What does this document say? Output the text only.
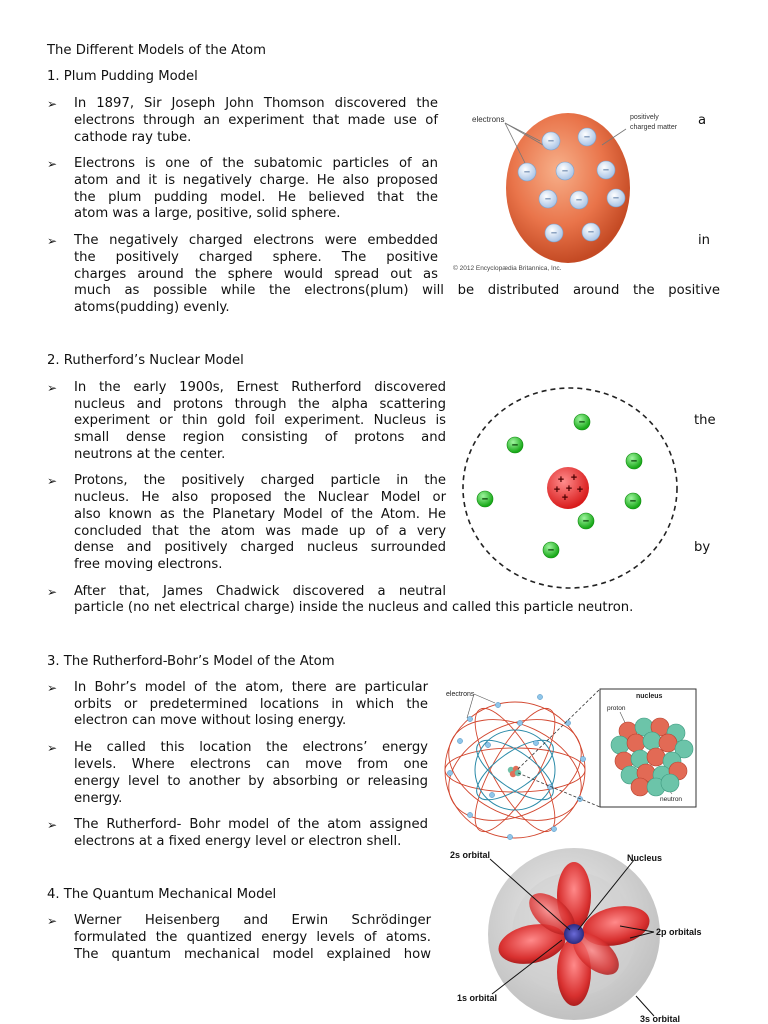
The Different Models of the Atom
1. Plum Pudding Model
➢ In 1897, Sir Joseph John Thomson discovered the
electrons through an experiment that made use of
cathode ray tube.
a
➢ Electrons is one of the subatomic particles of an
atom and it is negatively charge. He also proposed
the plum pudding model. He believed that the
atom was a large, positive, solid sphere.
➢ The negatively charged electrons were embedded
the positively charged sphere. The positive
charges around the sphere would spread out as
much as possible while the electrons(plum) will be distributed around the positive
atoms(pudding) evenly.
in
electrons	positively
charged matter
© 2012 Encyclopædia Britannica, Inc.
−	−
−	−	−
− −	−
−	−
2. Rutherford’s Nuclear Model
➢ In the early 1900s, Ernest Rutherford discovered
nucleus and protons through the alpha scattering
experiment or thin gold foil experiment. Nucleus is
small dense region consisting of protons and
neutrons at the center.
the
➢ Protons, the positively charged particle in the
nucleus. He also proposed the Nuclear Model or
also known as the Planetary Model of the Atom. He
concluded that the atom was made up of a very
dense and positively charged nucleus surrounded
free moving electrons.
by
➢ After that, James Chadwick discovered a neutral
particle (no net electrical charge) inside the nucleus and called this particle neutron.
+ +
+ + +
+
−
−
−
−	−
−
−
3. The Rutherford-Bohr’s Model of the Atom
➢ In Bohr’s model of the atom, there are particular
orbits or predetermined locations in which the
electron can move without losing energy.
➢ He called this location the electrons’ energy
levels. Where electrons can move from one
energy level to another by absorbing or releasing
energy.
➢ The Rutherford- Bohr model of the atom assigned
electrons at a fixed energy level or electron shell.
electrons	nucleus
proton
neutron
4. The Quantum Mechanical Model
➢ Werner Heisenberg and Erwin Schrödinger
formulated the quantized energy levels of atoms.
The quantum mechanical model explained how
2s orbital	Nucleus
2p orbitals
1s orbital
3s orbital
